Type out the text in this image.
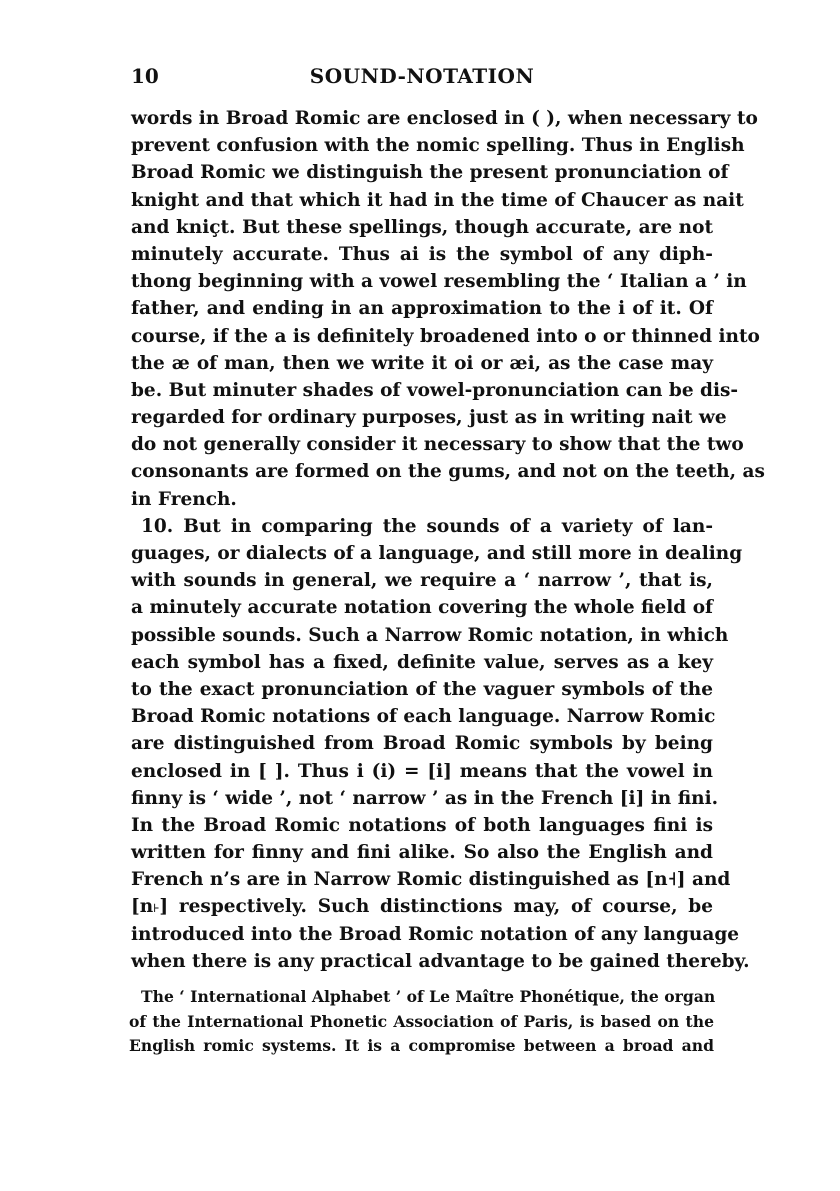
10	SOUND-NOTATION
words in Broad Romic are enclosed in ( ), when necessary to
prevent confusion with the nomic spelling. Thus in English
Broad Romic we distinguish the present pronunciation of
knight and that which it had in the time of Chaucer as nait
and kniçt. But these spellings, though accurate, are not
minutely accurate. Thus ai is the symbol of any diph-
thong beginning with a vowel resembling the ‘ Italian a ’ in
father, and ending in an approximation to the i of it. Of
course, if the a is definitely broadened into o or thinned into
the æ of man, then we write it oi or æi, as the case may
be. But minuter shades of vowel-pronunciation can be dis-
regarded for ordinary purposes, just as in writing nait we
do not generally consider it necessary to show that the two
consonants are formed on the gums, and not on the teeth, as
in French.
10. But in comparing the sounds of a variety of lan-
guages, or dialects of a language, and still more in dealing
with sounds in general, we require a ‘ narrow ’, that is,
a minutely accurate notation covering the whole field of
possible sounds. Such a Narrow Romic notation, in which
each symbol has a fixed, definite value, serves as a key
to the exact pronunciation of the vaguer symbols of the
Broad Romic notations of each language. Narrow Romic
are distinguished from Broad Romic symbols by being
enclosed in [ ]. Thus i (i) = [i] means that the vowel in
finny is ‘ wide ’, not ‘ narrow ’ as in the French [i] in fini.
In the Broad Romic notations of both languages fini is
written for finny and fini alike. So also the English and
French n’s are in Narrow Romic distinguished as [n˧] and
[n˫] respectively. Such distinctions may, of course, be
introduced into the Broad Romic notation of any language
when there is any practical advantage to be gained thereby.
The ‘ International Alphabet ’ of Le Maître Phonétique, the organ
of the International Phonetic Association of Paris, is based on the
English romic systems. It is a compromise between a broad and
